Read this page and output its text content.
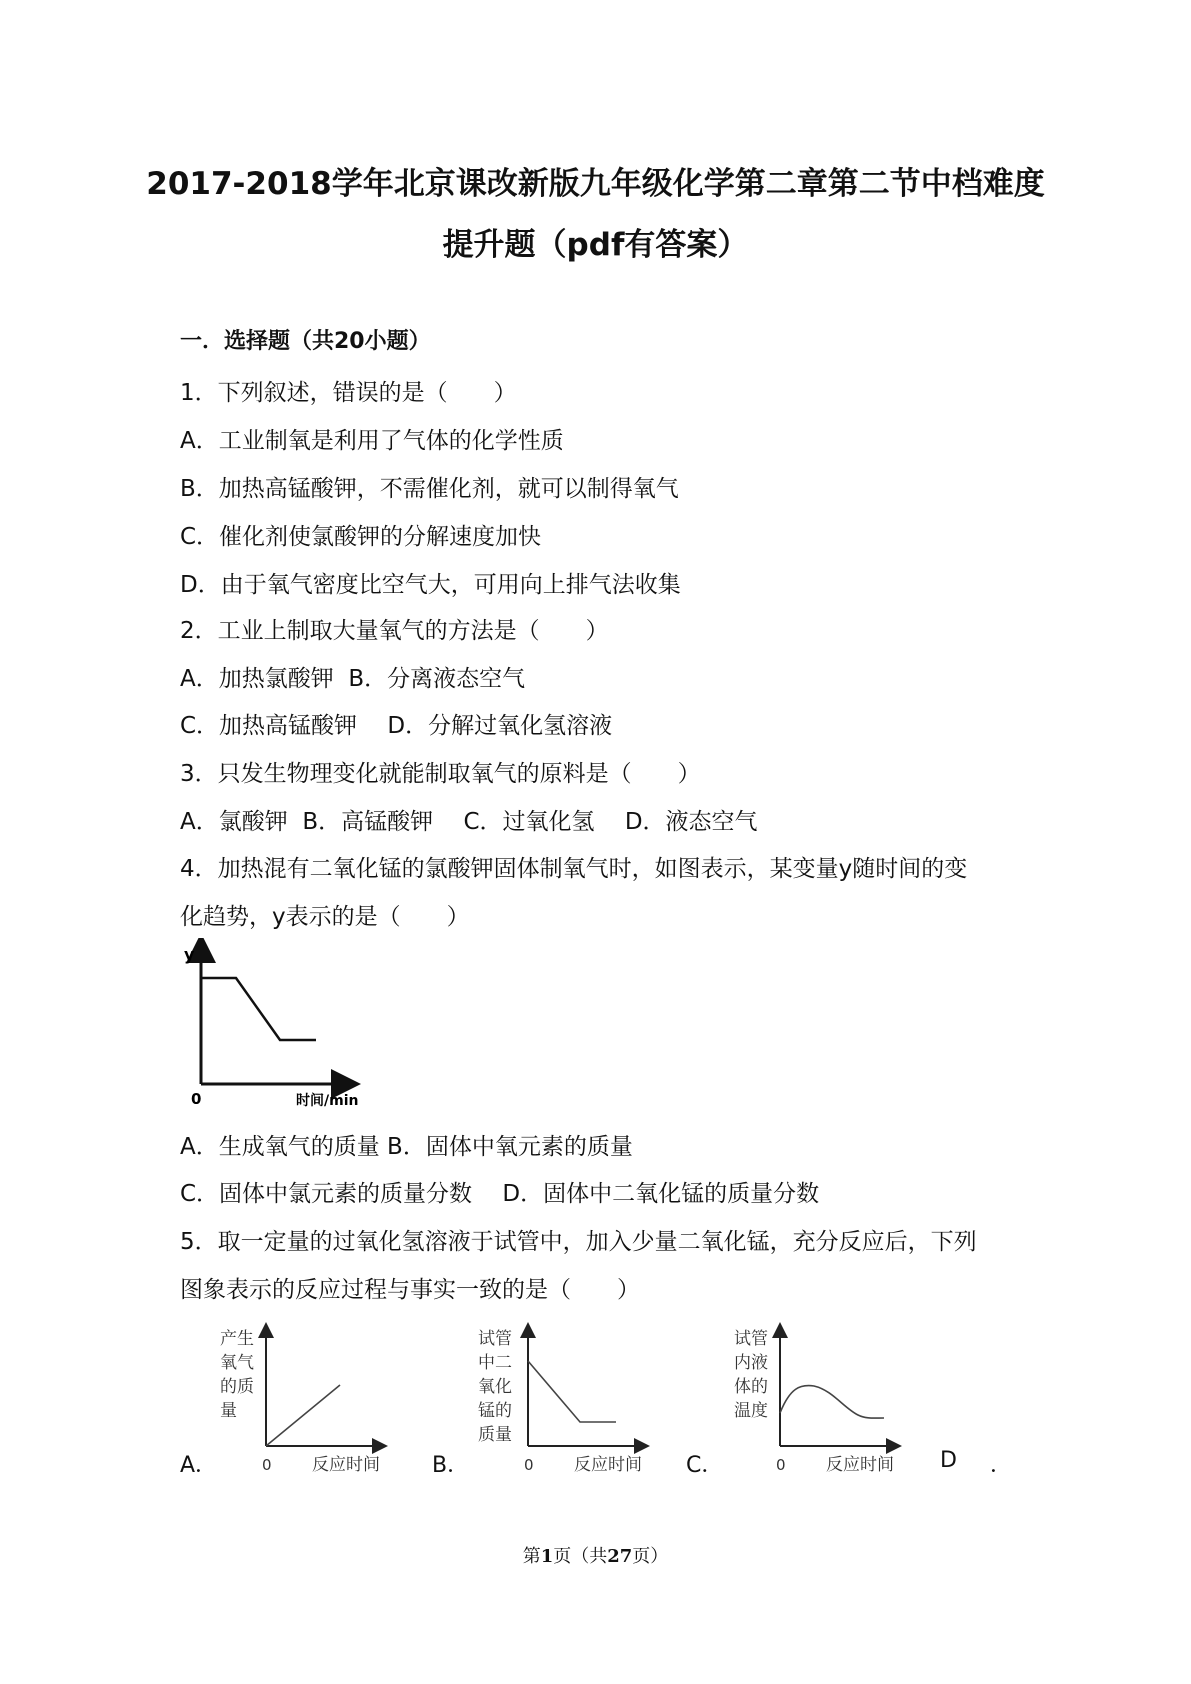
2017-2018学年北京课改新版九年级化学第二章第二节中档难度
提升题（pdf有答案）
一．选择题（共20小题）
1．下列叙述，错误的是（　　）
A．工业制氧是利用了气体的化学性质
B．加热高锰酸钾，不需催化剂，就可以制得氧气
C．催化剂使氯酸钾的分解速度加快
D．由于氧气密度比空气大，可用向上排气法收集
2．工业上制取大量氧气的方法是（　　）
A．加热氯酸钾  B．分离液态空气
C．加热高锰酸钾　 D．分解过氧化氢溶液
3．只发生物理变化就能制取氧气的原料是（　　）
A．氯酸钾  B．高锰酸钾　 C．过氧化氢　 D．液态空气
4．加热混有二氧化锰的氯酸钾固体制氧气时，如图表示，某变量y随时间的变
化趋势，y表示的是（　　）
y
0	时间/min
A．生成氧气的质量 B．固体中氧元素的质量
C．固体中氯元素的质量分数　 D．固体中二氧化锰的质量分数
5．取一定量的过氧化氢溶液于试管中，加入少量二氧化锰，充分反应后，下列
图象表示的反应过程与事实一致的是（　　）
产生
氧气
的质
量
0 反应时间
试管
中二
氧化
锰的
质量
0 反应时间
试管
内液
体的
温度
0 反应时间
A．	B．	C．	D ．
第1页（共27页）
